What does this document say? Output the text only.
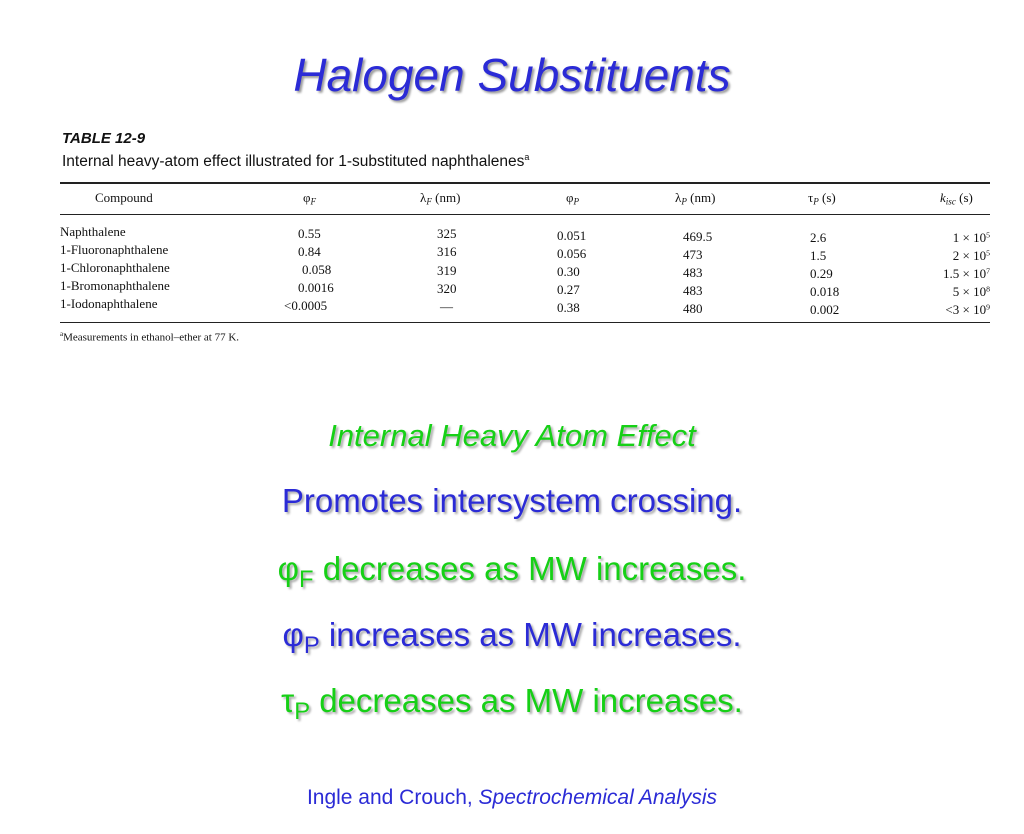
Halogen Substituents
TABLE 12-9
Internal heavy-atom effect illustrated for 1-substituted naphthalenes$^a$
Compound	$\varphi_F$	$\lambda_F$ (nm)	$\varphi_P$	$\lambda_P$ (nm)	$\tau_P$ (s)	$k_{isc}$ (s)
Naphthalene	0.55	325	0.051	469.5	2.6	$1 \times 10^5$
1-Fluoronaphthalene	0.84	316	0.056	473	1.5	$2 \times 10^5$
1-Chloronaphthalene	0.058	319	0.30	483	0.29	$1.5 \times 10^7$
1-Bromonaphthalene	0.0016	320	0.27	483	0.018	$5 \times 10^8$
1-Iodonaphthalene	<0.0005	—	0.38	480	0.002	$<3 \times 10^9$
$^a$Measurements in ethanol–ether at 77 K.
Internal Heavy Atom Effect
Promotes intersystem crossing.
$\varphi_F$ decreases as MW increases.
$\varphi_P$ increases as MW increases.
$\tau_P$ decreases as MW increases.
Ingle and Crouch, Spectrochemical Analysis
